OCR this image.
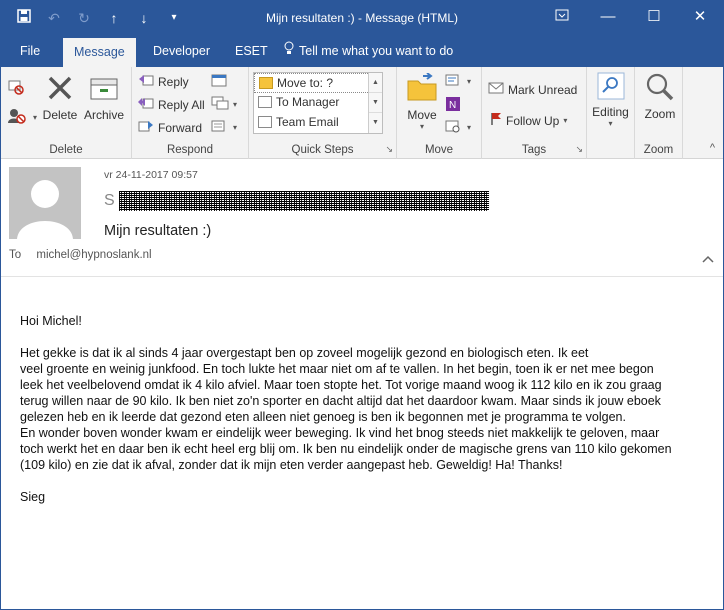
↶	↻	↑	↓	▾	Mijn resultaten :) - Message (HTML)	—	☐	✕
File	Message	Developer ESET	Tell me what you want to do
▾ Delete Archive
Delete
Reply
Reply All
Forward
▾
▾
Respond
Move to: ?
To Manager
Team Email
▲
▼
▼
Quick Steps	↘
Move
▾
▾
N
▾
Move
Mark Unread
Follow Up ▾
Tags	↘
Editing
▾
Zoom
Zoom	^
vr 24-11-2017 09:57
S
Mijn resultaten :)
To michel@hypnoslank.nl

Hoi Michel!

Het gekke is dat ik al sinds 4 jaar overgestapt ben op zoveel mogelijk gezond en biologisch eten. Ik eet
veel groente en weinig junkfood. En toch lukte het maar niet om af te vallen. In het begin, toen ik er net mee begon
leek het veelbelovend omdat ik 4 kilo afviel. Maar toen stopte het. Tot vorige maand woog ik 112 kilo en ik zou graag
terug willen naar de 90 kilo. Ik ben niet zo'n sporter en dacht altijd dat het daardoor kwam. Maar sinds ik jouw eboek
gelezen heb en ik leerde dat gezond eten alleen niet genoeg is ben ik begonnen met je programma te volgen.
En wonder boven wonder kwam er eindelijk weer beweging. Ik vind het bnog steeds niet makkelijk te geloven, maar
toch werkt het en daar ben ik echt heel erg blij om. Ik ben nu eindelijk onder de magische grens van 110 kilo gekomen
(109 kilo) en zie dat ik afval, zonder dat ik mijn eten verder aangepast heb. Geweldig! Ha! Thanks!

Sieg
